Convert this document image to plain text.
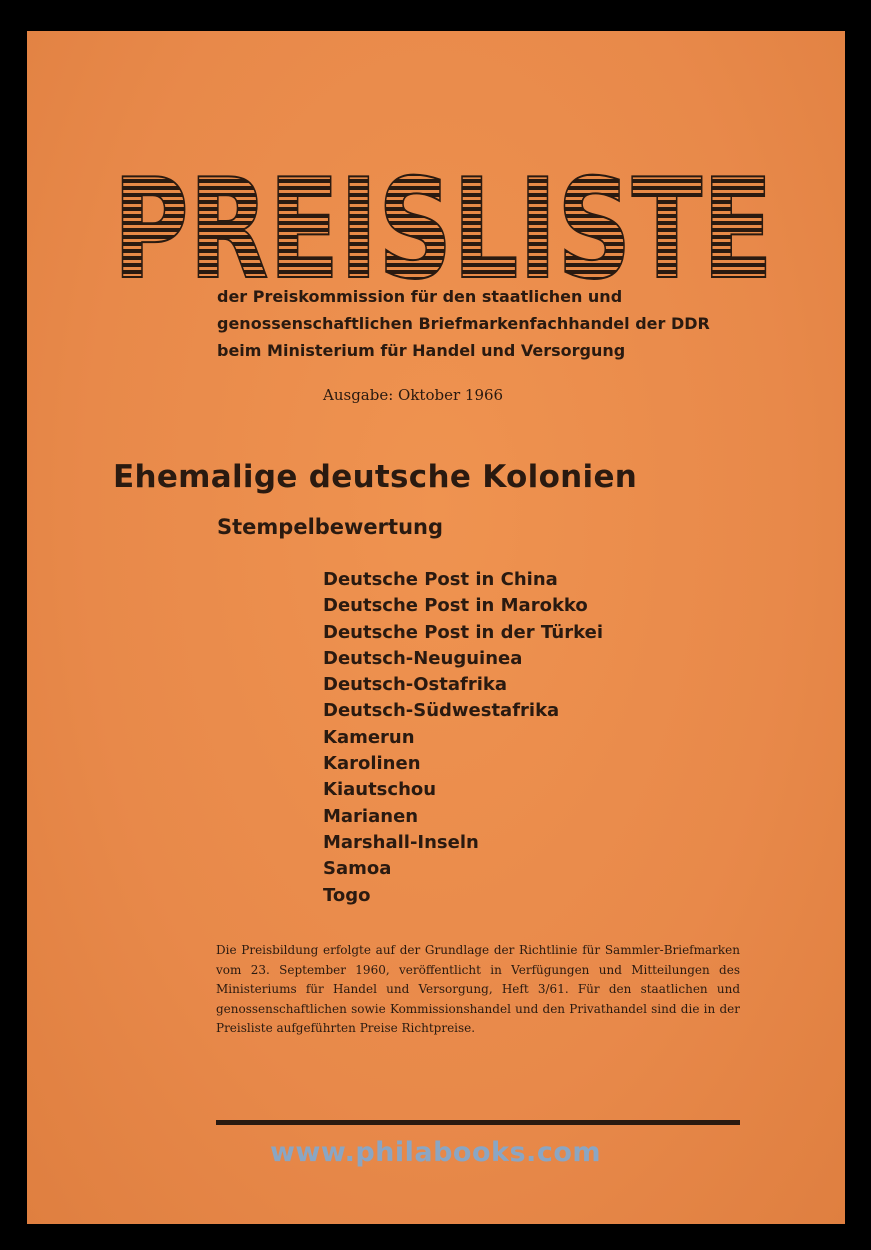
PREISLISTE
der Preiskommission für den staatlichen und
genossenschaftlichen Briefmarkenfachhandel der DDR
beim Ministerium für Handel und Versorgung
Ausgabe: Oktober 1966
Ehemalige deutsche Kolonien
Stempelbewertung
Deutsche Post in China
Deutsche Post in Marokko
Deutsche Post in der Türkei
Deutsch-Neuguinea
Deutsch-Ostafrika
Deutsch-Südwestafrika
Kamerun
Karolinen
Kiautschou
Marianen
Marshall-Inseln
Samoa
Togo
Die Preisbildung erfolgte auf der Grundlage der Richtlinie für Sammler-Briefmarken vom 23. September 1960, veröffentlicht in Verfügungen und Mitteilungen des Ministeriums für Handel und Versorgung, Heft 3/61. Für den staatlichen und genossenschaftlichen sowie Kommissionshandel und den Privathandel sind die in der Preisliste aufgeführten Preise Richtpreise.
www.philabooks.com
